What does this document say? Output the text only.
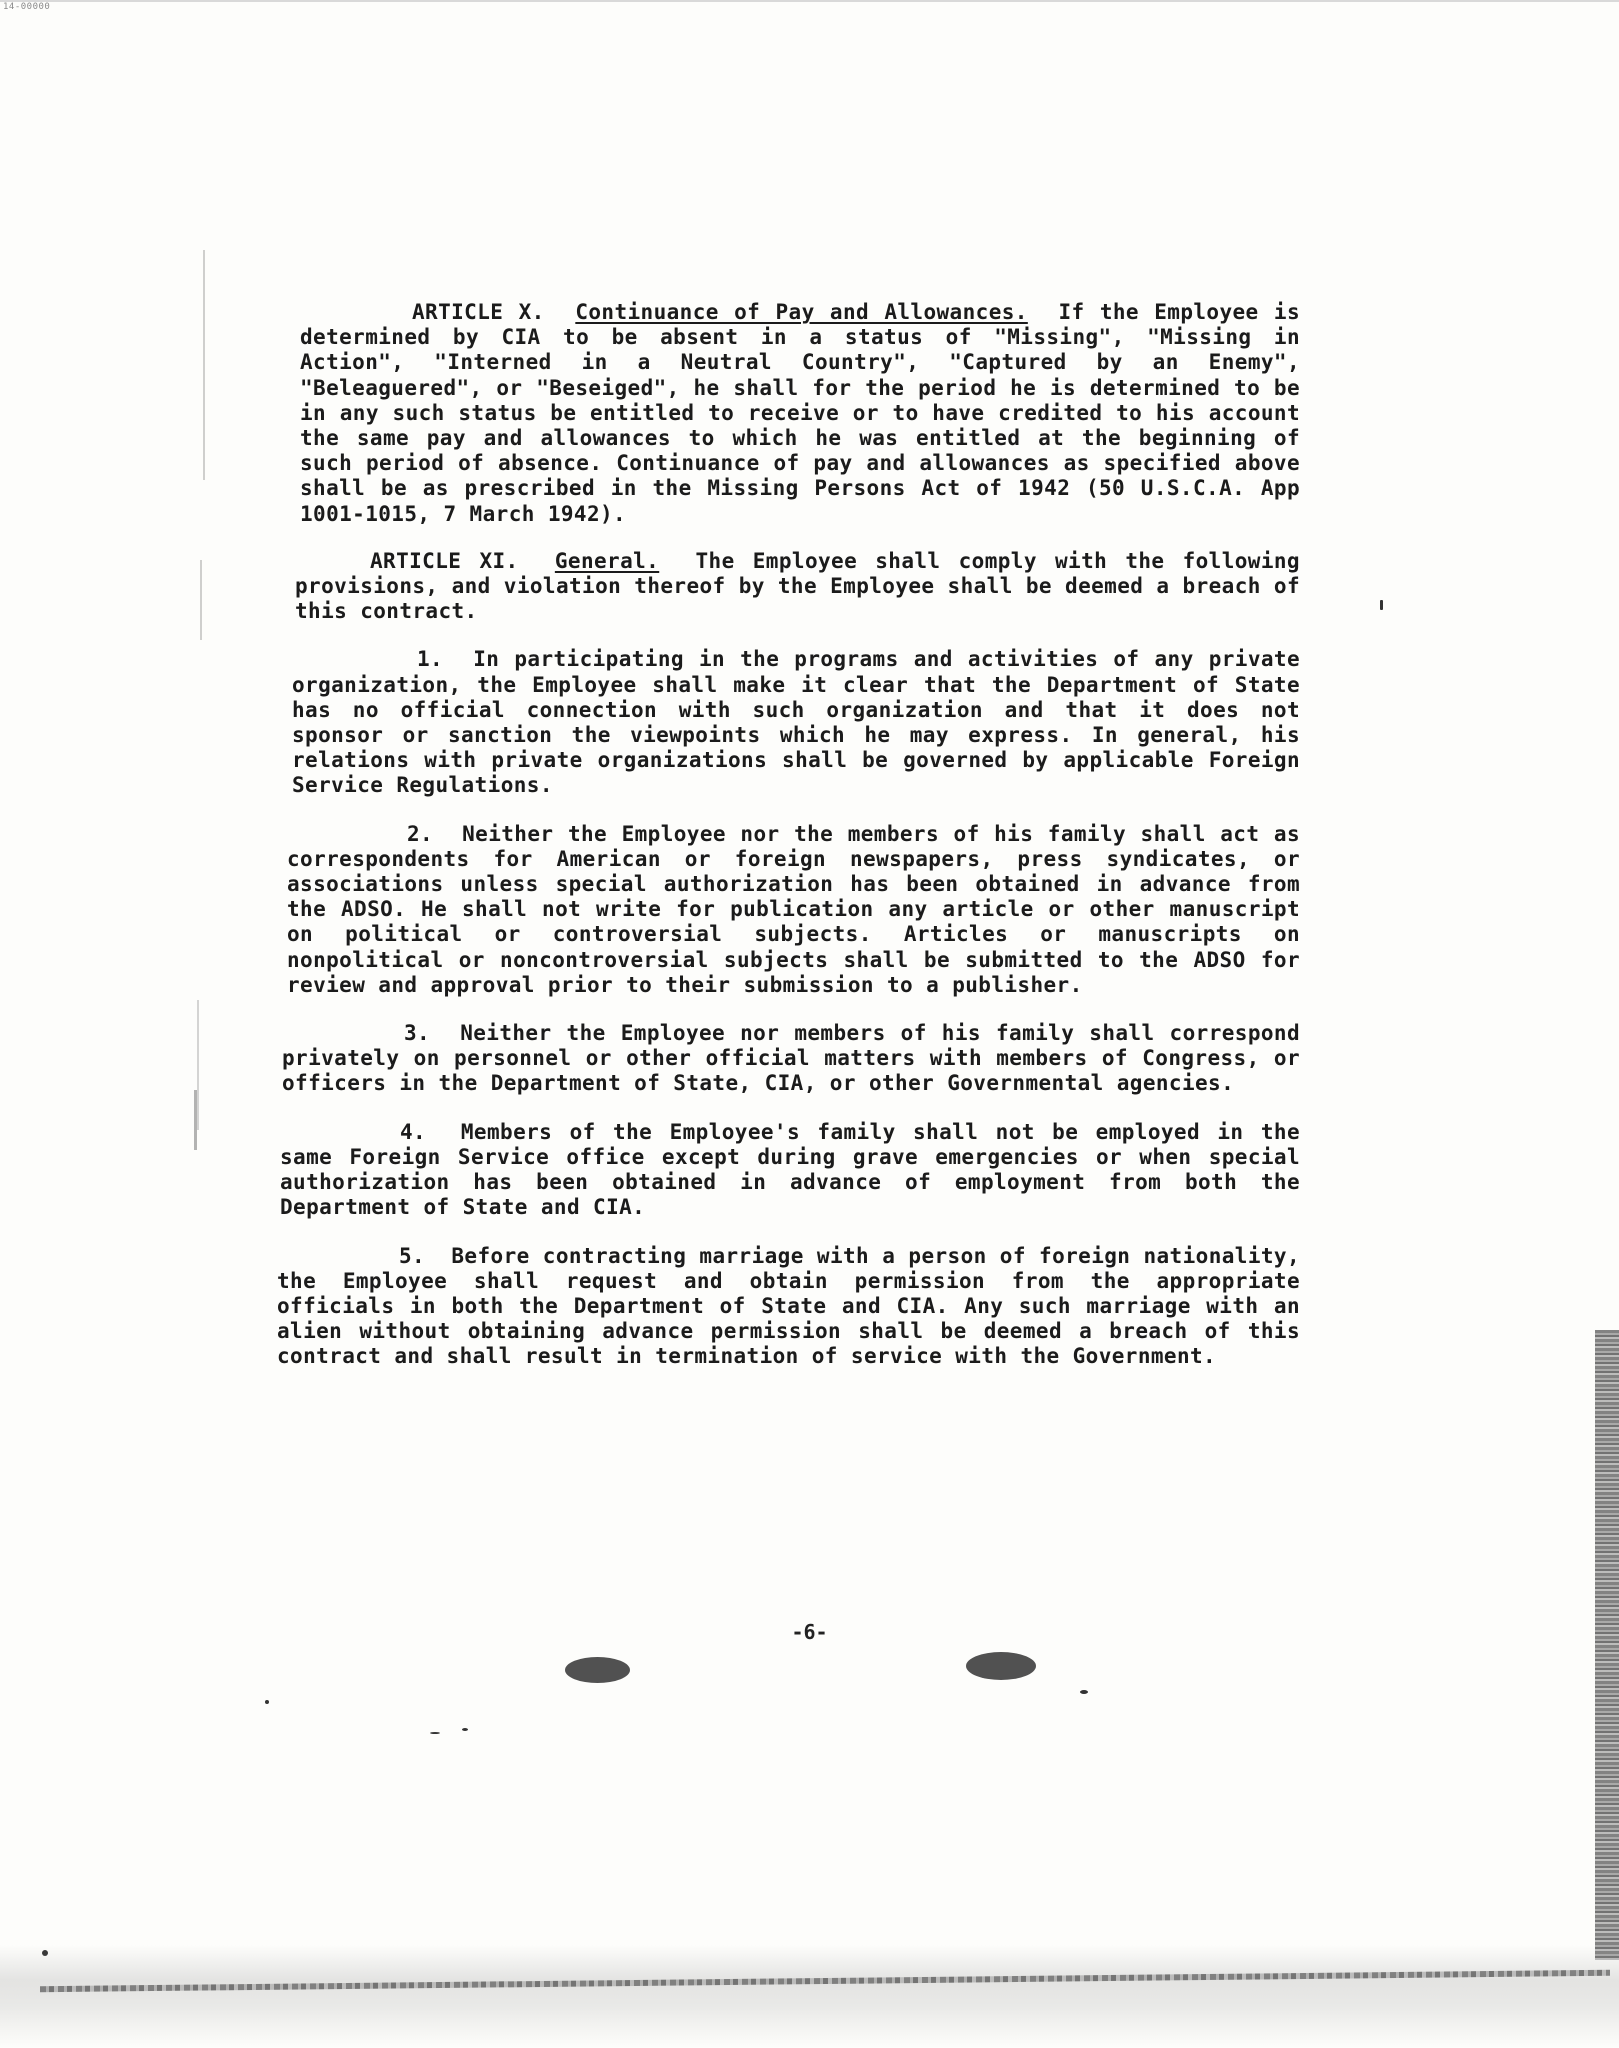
14-00000

ARTICLE X. Continuance of Pay and Allowances. If the Employee is determined by CIA to be absent in a status of "Missing", "Missing in Action", "Interned in a Neutral Country", "Captured by an Enemy", "Beleaguered", or "Beseiged", he shall for the period he is determined to be in any such status be entitled to receive or to have credited to his account the same pay and allowances to which he was entitled at the beginning of such period of absence. Continuance of pay and allowances as specified above shall be as prescribed in the Missing Persons Act of 1942 (50 U.S.C.A. App 1001-1015, 7 March 1942).

ARTICLE XI. General. The Employee shall comply with the following provisions, and violation thereof by the Employee shall be deemed a breach of this contract.

1. In participating in the programs and activities of any private organization, the Employee shall make it clear that the Department of State has no official connection with such organization and that it does not sponsor or sanction the viewpoints which he may express. In general, his relations with private organizations shall be governed by applicable Foreign Service Regulations.

2. Neither the Employee nor the members of his family shall act as correspondents for American or foreign newspapers, press syndicates, or associations unless special authorization has been obtained in advance from the ADSO. He shall not write for publication any article or other manuscript on political or controversial subjects. Articles or manuscripts on nonpolitical or noncontroversial subjects shall be submitted to the ADSO for review and approval prior to their submission to a publisher.

3. Neither the Employee nor members of his family shall correspond privately on personnel or other official matters with members of Congress, or officers in the Department of State, CIA, or other Governmental agencies.

4. Members of the Employee's family shall not be employed in the same Foreign Service office except during grave emergencies or when special authorization has been obtained in advance of employment from both the Department of State and CIA.

5. Before contracting marriage with a person of foreign nationality, the Employee shall request and obtain permission from the appropriate officials in both the Department of State and CIA. Any such marriage with an alien without obtaining advance permission shall be deemed a breach of this contract and shall result in termination of service with the Government.

-6-
